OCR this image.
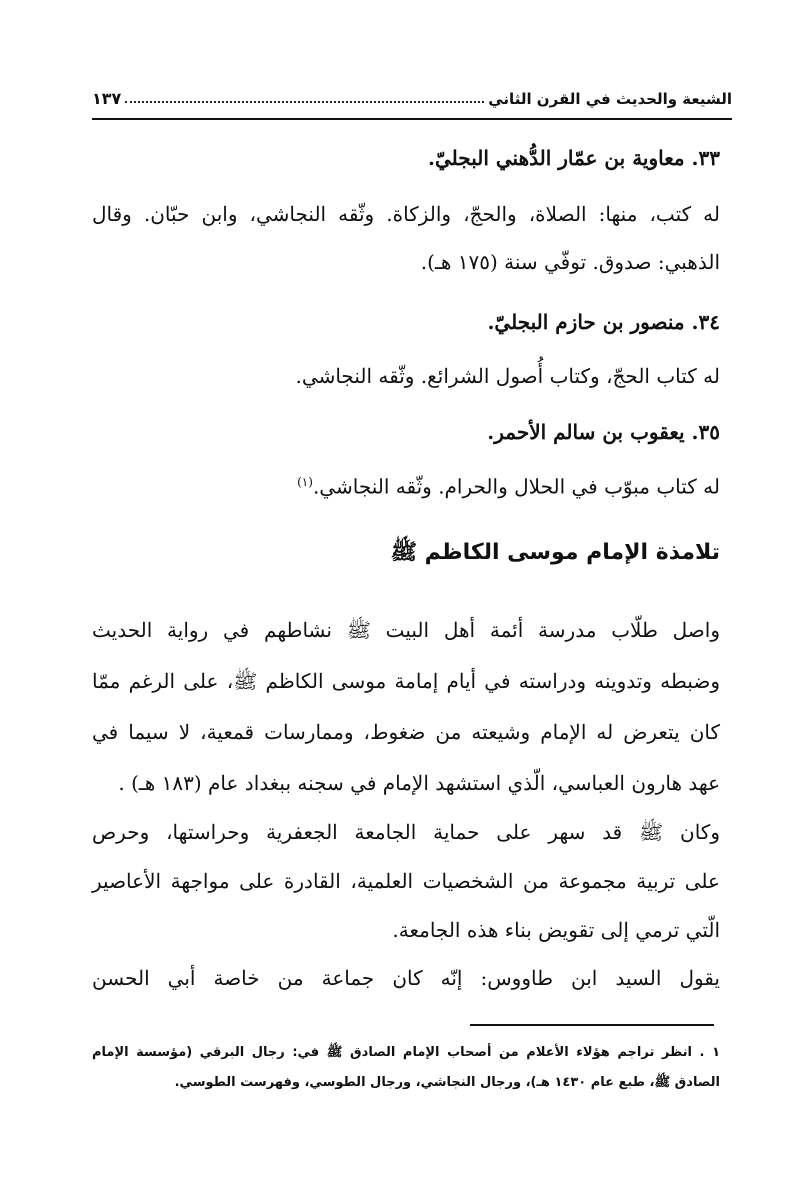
الشيعة والحديث في القرن الثاني
١٣٧
٣٣. معاوية بن عمّار الدُّهني البجليّ.
له كتب، منها: الصلاة، والحجّ، والزكاة. وثّقه النجاشي، وابن حبّان. وقال
الذهبي: صدوق. توفّي سنة (١٧٥ هـ).
٣٤. منصور بن حازم البجليّ.
له كتاب الحجّ، وكتاب أُصول الشرائع. وثّقه النجاشي.
٣٥. يعقوب بن سالم الأحمر.
له كتاب مبوّب في الحلال والحرام. وثّقه النجاشي.$^{(١)}$
تلامذة الإمام موسى الكاظم ﷺ
واصل طلّاب مدرسة أئمة أهل البيت ﷺ نشاطهم في رواية الحديث
وضبطه وتدوينه ودراسته في أيام إمامة موسى الكاظم ﷺ، على الرغم ممّا
كان يتعرض له الإمام وشيعته من ضغوط، وممارسات قمعية، لا سيما في
عهد هارون العباسي، الّذي استشهد الإمام في سجنه ببغداد عام (١٨٣ هـ) .
وكان ﷺ قد سهر على حماية الجامعة الجعفرية وحراستها، وحرص
على تربية مجموعة من الشخصيات العلمية، القادرة على مواجهة الأعاصير
الّتي ترمي إلى تقويض بناء هذه الجامعة.
يقول السيد ابن طاووس: إنّه كان جماعة من خاصة أبي الحسن
١ . انظر تراجم هؤلاء الأعلام من أصحاب الإمام الصادق ﷺ في: رجال البرقي (مؤسسة الإمام
الصادق ﷺ، طبع عام ١٤٣٠ هـ)، ورجال النجاشي، ورجال الطوسي، وفهرست الطوسي.
